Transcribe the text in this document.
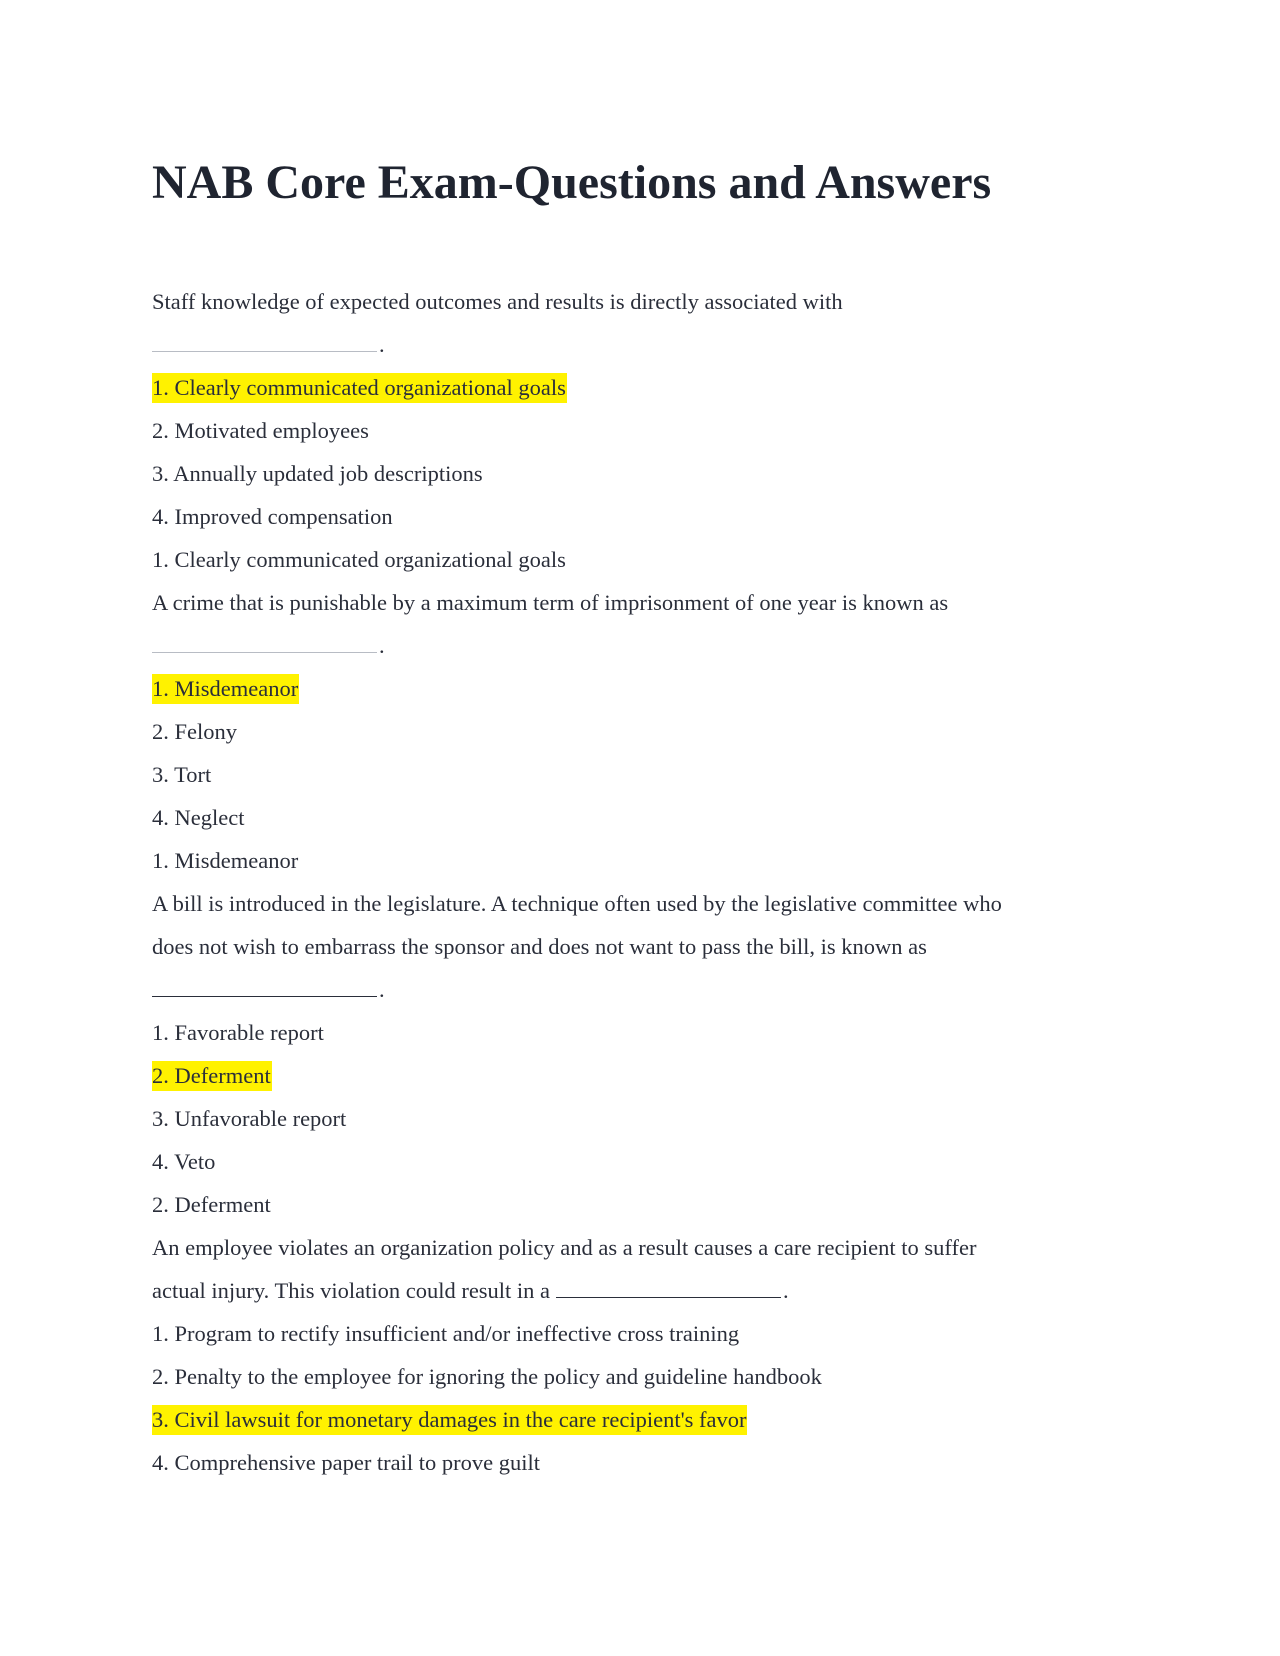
NAB Core Exam-Questions and Answers
Staff knowledge of expected outcomes and results is directly associated with
.
1. Clearly communicated organizational goals
2. Motivated employees
3. Annually updated job descriptions
4. Improved compensation
1. Clearly communicated organizational goals
A crime that is punishable by a maximum term of imprisonment of one year is known as
.
1. Misdemeanor
2. Felony
3. Tort
4. Neglect
1. Misdemeanor
A bill is introduced in the legislature. A technique often used by the legislative committee who
does not wish to embarrass the sponsor and does not want to pass the bill, is known as
.
1. Favorable report
2. Deferment
3. Unfavorable report
4. Veto
2. Deferment
An employee violates an organization policy and as a result causes a care recipient to suffer
actual injury. This violation could result in a	.
1. Program to rectify insufficient and/or ineffective cross training
2. Penalty to the employee for ignoring the policy and guideline handbook
3. Civil lawsuit for monetary damages in the care recipient's favor
4. Comprehensive paper trail to prove guilt
